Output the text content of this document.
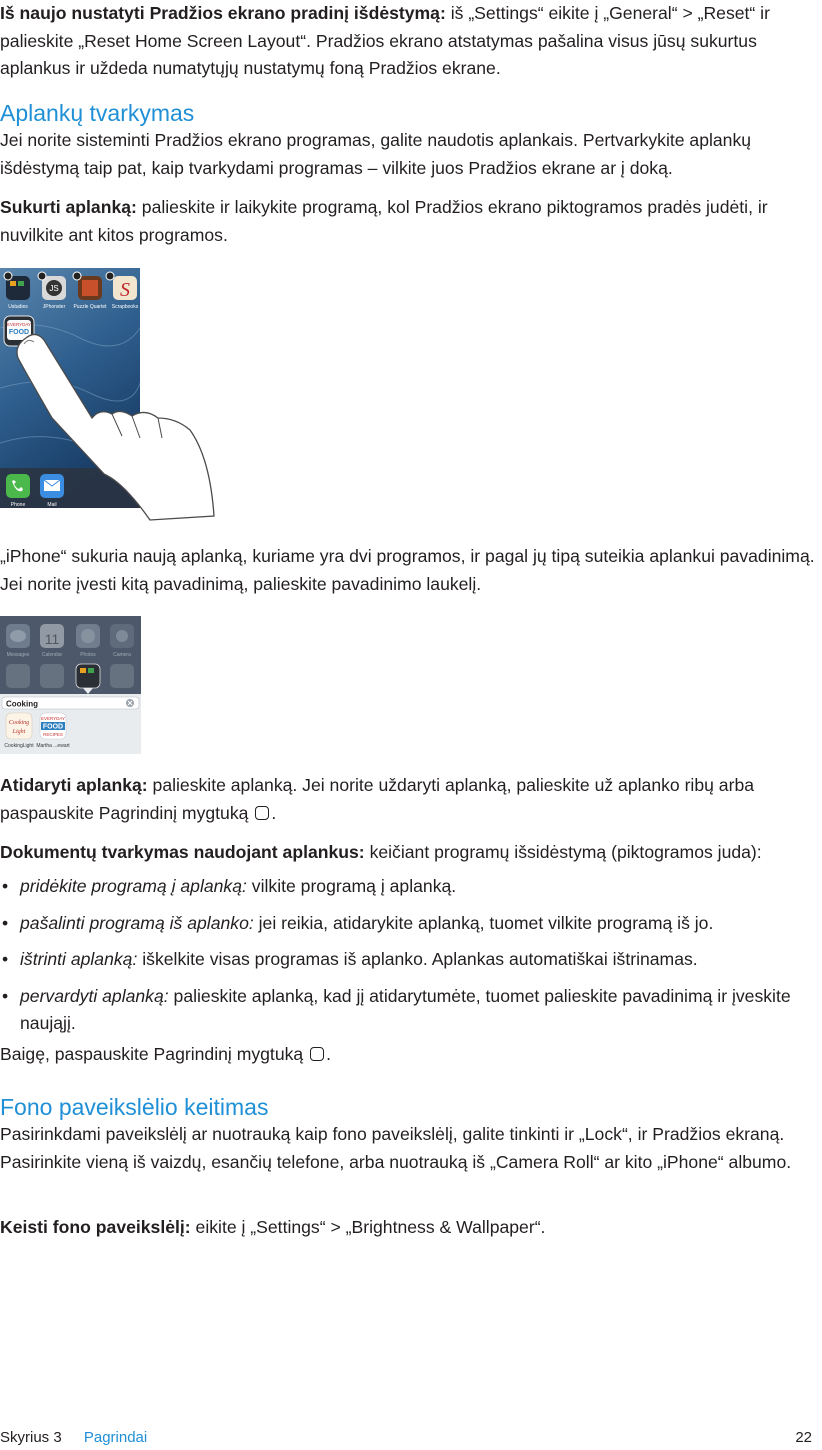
Iš naujo nustatyti Pradžios ekrano pradinį išdėstymą: iš „Settings“ eikite į „General“ > „Reset“ ir palieskite „Reset Home Screen Layout“. Pradžios ekrano atstatymas pašalina visus jūsų sukurtus aplankus ir uždeda numatytųjų nustatymų foną Pradžios ekrane.

Aplankų tvarkymas

Jei norite sisteminti Pradžios ekrano programas, galite naudotis aplankais. Pertvarkykite aplankų išdėstymą taip pat, kaip tvarkydami programas – vilkite juos Pradžios ekrane ar į doką.

Sukurti aplanką: palieskite ir laikykite programą, kol Pradžios ekrano piktogramos pradės judėti, ir nuvilkite ant kitos programos.

Ustudies
JS
JPhonster Puzzle Quartet
S
Scrapbooks
EVERYDAY
FOOD
Phone	Mail

„iPhone“ sukuria naują aplanką, kuriame yra dvi programos, ir pagal jų tipą suteikia aplankui pavadinimą. Jei norite įvesti kitą pavadinimą, palieskite pavadinimo laukelį.

Messages
11
Calendar	Photos	Camera
Cooking
Cooking
Light
CookingLight
EVERYDAY
FOOD
RECIPES
Martha ...ewart

Atidaryti aplanką: palieskite aplanką. Jei norite uždaryti aplanką, palieskite už aplanko ribų arba paspauskite Pagrindinį mygtuką .

Dokumentų tvarkymas naudojant aplankus: keičiant programų išsidėstymą (piktogramos juda):

• pridėkite programą į aplanką: vilkite programą į aplanką.
• pašalinti programą iš aplanko: jei reikia, atidarykite aplanką, tuomet vilkite programą iš jo.
• ištrinti aplanką: iškelkite visas programas iš aplanko. Aplankas automatiškai ištrinamas.
• pervardyti aplanką: palieskite aplanką, kad jį atidarytumėte, tuomet palieskite pavadinimą ir įveskite naująjį.

Baigę, paspauskite Pagrindinį mygtuką .

Fono paveikslėlio keitimas

Pasirinkdami paveikslėlį ar nuotrauką kaip fono paveikslėlį, galite tinkinti ir „Lock“, ir Pradžios ekraną. Pasirinkite vieną iš vaizdų, esančių telefone, arba nuotrauką iš „Camera Roll“ ar kito „iPhone“ albumo.

Keisti fono paveikslėlį: eikite į „Settings“ > „Brightness & Wallpaper“.

Skyrius 3 Pagrindai	22
